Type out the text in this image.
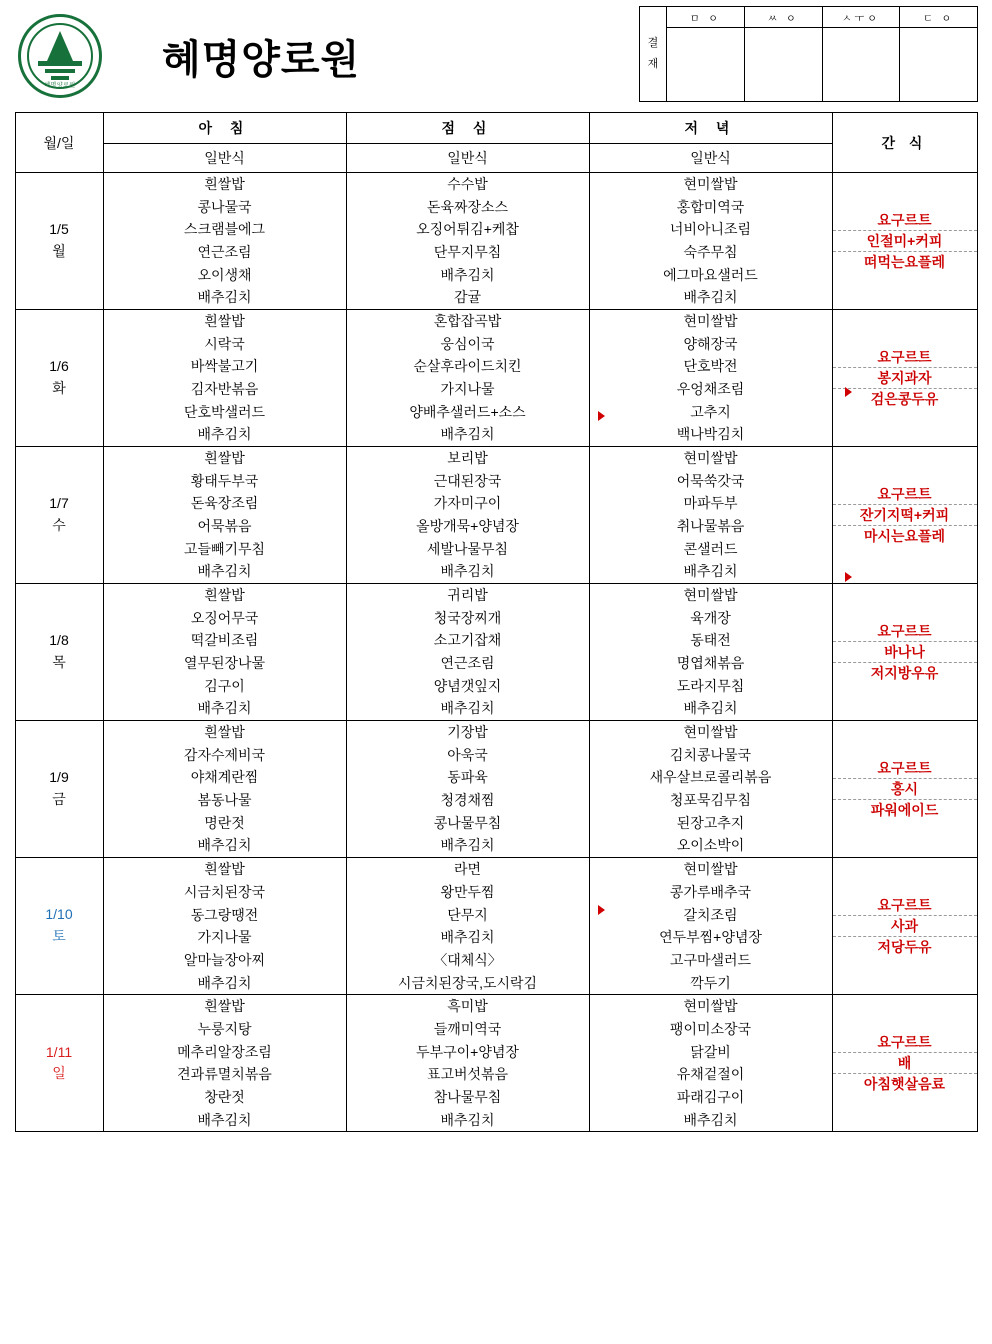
혜명양로원
혜명양로원	결
재
ㅁ ㅇ	ㅆ ㅇ	ㅅㅜㅇ	ㄷ ㅇ
월/일	아 침	점 심	저 녁	간 식
일반식	일반식	일반식

1/5
월

흰쌀밥
콩나물국
스크램블에그
연근조림
오이생채
배추김치

수수밥
돈육짜장소스
오징어튀김+케찹
단무지무침
배추김치
감귤

현미쌀밥
홍합미역국
너비아니조림
숙주무침
에그마요샐러드
배추김치

요구르트
인절미+커피
떠먹는요플레

1/6
화

흰쌀밥
시락국
바싹불고기
김자반볶음
단호박샐러드
배추김치

혼합잡곡밥
웅심이국
순살후라이드치킨
가지나물
양배추샐러드+소스
배추김치

현미쌀밥
양해장국
단호박전
우엉채조림
고추지
백나박김치

요구르트
봉지과자
검은콩두유

1/7
수

흰쌀밥
황태두부국
돈육장조림
어묵볶음
고들빼기무침
배추김치

보리밥
근대된장국
가자미구이
올방개묵+양념장
세발나물무침
배추김치

현미쌀밥
어묵쑥갓국
마파두부
취나물볶음
콘샐러드
배추김치

요구르트
잔기지떡+커피
마시는요플레

1/8
목

흰쌀밥
오징어무국
떡갈비조림
열무된장나물
김구이
배추김치

귀리밥
청국장찌개
소고기잡채
연근조림
양념갯잎지
배추김치

현미쌀밥
육개장
동태전
명엽채볶음
도라지무침
배추김치

요구르트
바나나
저지방우유

1/9
금

흰쌀밥
감자수제비국
야채계란찜
봄동나물
명란젓
배추김치

기장밥
아욱국
동파육
청경채찜
콩나물무침
배추김치

현미쌀밥
김치콩나물국
새우살브로콜리볶음
청포묵김무침
된장고추지
오이소박이

요구르트
홍시
파워에이드

1/10
토

흰쌀밥
시금치된장국
동그랑땡전
가지나물
알마늘장아찌
배추김치

라면
왕만두찜
단무지
배추김치
〈대체식〉
시금치된장국,도시락김

현미쌀밥
콩가루배추국
갈치조림
연두부찜+양념장
고구마샐러드
깍두기

요구르트
사과
저당두유

1/11
일

흰쌀밥
누룽지탕
메추리알장조림
견과류멸치볶음
창란젓
배추김치

흑미밥
들깨미역국
두부구이+양념장
표고버섯볶음
참나물무침
배추김치

현미쌀밥
팽이미소장국
닭갈비
유채겉절이
파래김구이
배추김치

요구르트
배
아침햇살음료
